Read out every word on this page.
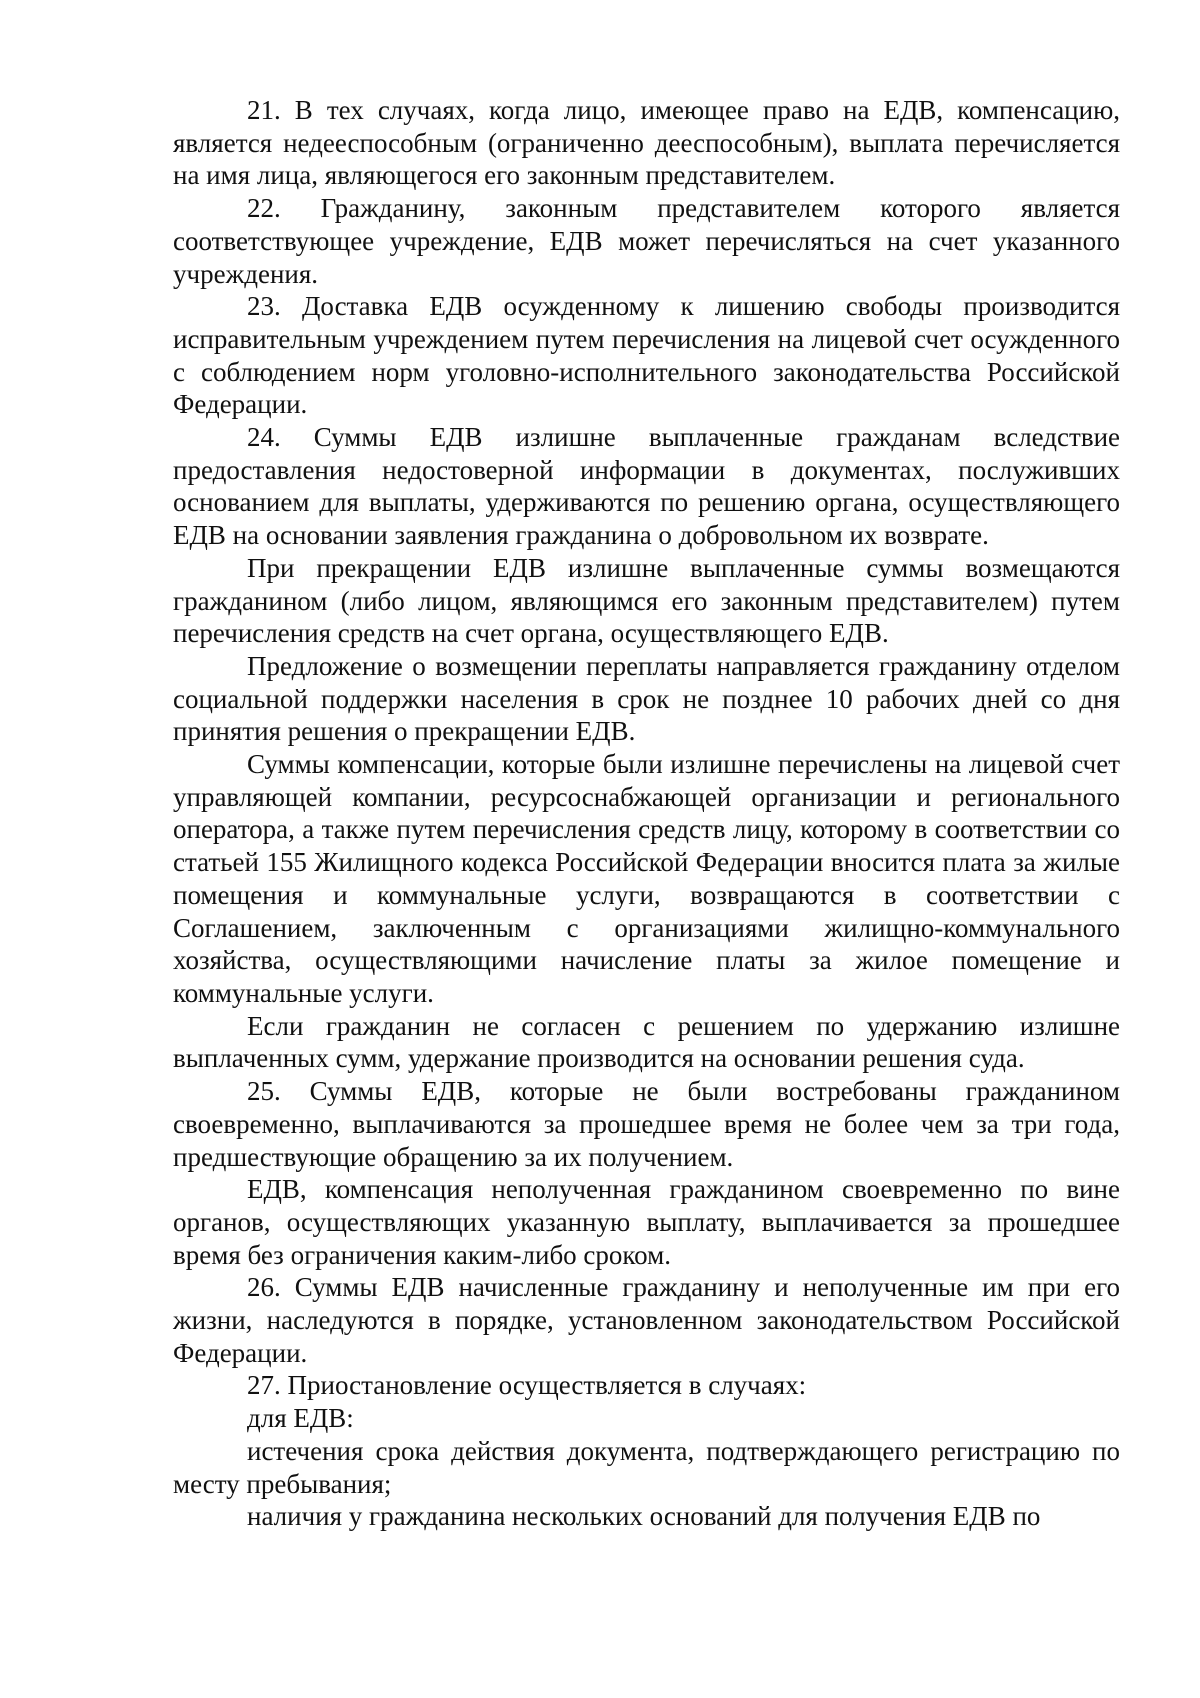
21. В тех случаях, когда лицо, имеющее право на ЕДВ, компенсацию, является недееспособным (ограниченно дееспособным), выплата перечисляется на имя лица, являющегося его законным представителем.

22. Гражданину, законным представителем которого является соответствующее учреждение, ЕДВ может перечисляться на счет указанного учреждения.

23. Доставка ЕДВ осужденному к лишению свободы производится исправительным учреждением путем перечисления на лицевой счет осужденного с соблюдением норм уголовно-исполнительного законодательства Российской Федерации.

24. Суммы ЕДВ излишне выплаченные гражданам вследствие предоставления недостоверной информации в документах, послуживших основанием для выплаты, удерживаются по решению органа, осуществляющего ЕДВ на основании заявления гражданина о добровольном их возврате.

При прекращении ЕДВ излишне выплаченные суммы возмещаются гражданином (либо лицом, являющимся его законным представителем) путем перечисления средств на счет органа, осуществляющего ЕДВ.

Предложение о возмещении переплаты направляется гражданину отделом социальной поддержки населения в срок не позднее 10 рабочих дней со дня принятия решения о прекращении ЕДВ.

Суммы компенсации, которые были излишне перечислены на лицевой счет управляющей компании, ресурсоснабжающей организации и регионального оператора, а также путем перечисления средств лицу, которому в соответствии со статьей 155 Жилищного кодекса Российской Федерации вносится плата за жилые помещения и коммунальные услуги, возвращаются в соответствии с Соглашением, заключенным с организациями жилищно-коммунального хозяйства, осуществляющими начисление платы за жилое помещение и коммунальные услуги.

Если гражданин не согласен с решением по удержанию излишне выплаченных сумм, удержание производится на основании решения суда.

25. Суммы ЕДВ, которые не были востребованы гражданином своевременно, выплачиваются за прошедшее время не более чем за три года, предшествующие обращению за их получением.

ЕДВ, компенсация неполученная гражданином своевременно по вине органов, осуществляющих указанную выплату, выплачивается за прошедшее время без ограничения каким-либо сроком.

26. Суммы ЕДВ начисленные гражданину и неполученные им при его жизни, наследуются в порядке, установленном законодательством Российской Федерации.

27. Приостановление осуществляется в случаях:

для ЕДВ:

истечения срока действия документа, подтверждающего регистрацию по месту пребывания;

наличия у гражданина нескольких оснований для получения ЕДВ по
